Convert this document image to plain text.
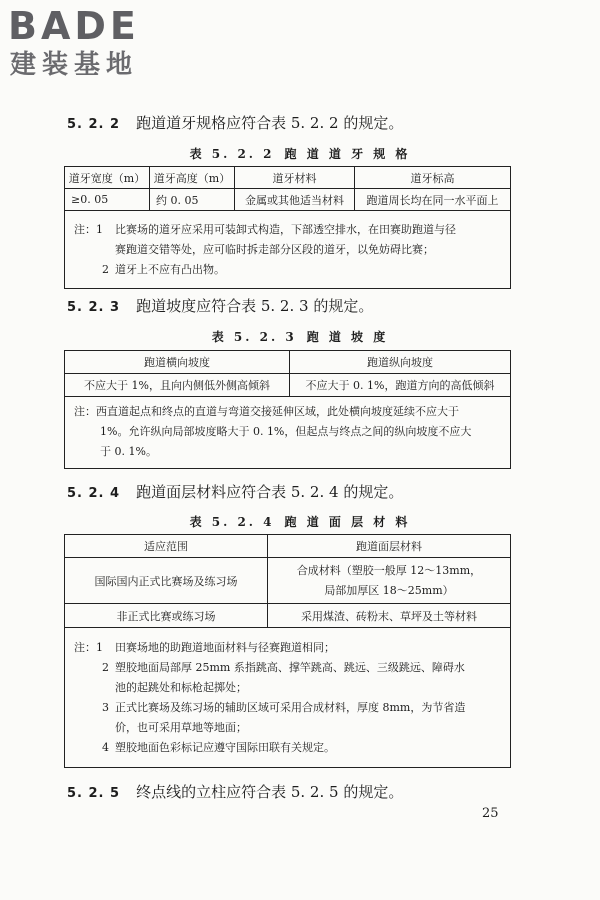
BADE
建装基地
5. 2. 2 跑道道牙规格应符合表 5. 2. 2 的规定。
表 5. 2. 2 跑 道 道 牙 规 格
道牙宽度（m）	道牙高度（m）	道牙材料	道牙标高
≥0. 05	约 0. 05	金属或其他适当材料	跑道周长均在同一水平面上

注：1 比赛场的道牙应采用可装卸式构造，下部透空排水，在田赛助跑道与径
赛跑道交错等处，应可临时拆走部分区段的道牙，以免妨碍比赛；

2 道牙上不应有凸出物。

5. 2. 3 跑道坡度应符合表 5. 2. 3 的规定。
表 5. 2. 3 跑 道 坡 度
跑道横向坡度	跑道纵向坡度
不应大于 1%，且向内侧低外侧高倾斜	不应大于 0. 1%，跑道方向的高低倾斜

注：西直道起点和终点的直道与弯道交接延伸区域，此处横向坡度延续不应大于
1%。允许纵向局部坡度略大于 0. 1%，但起点与终点之间的纵向坡度不应大
于 0. 1%。
5. 2. 4 跑道面层材料应符合表 5. 2. 4 的规定。
表 5. 2. 4 跑 道 面 层 材 料
适应范围	跑道面层材料
国际国内正式比赛场及练习场	合成材料（塑胶一般厚 12～13mm，
局部加厚区 18～25mm）

非正式比赛或练习场	采用煤渣、砖粉末、草坪及土等材料

注：1 田赛场地的助跑道地面材料与径赛跑道相同；
2 塑胶地面局部厚 25mm 系指跳高、撑竿跳高、跳远、三级跳远、障碍水

池的起跳处和标枪起掷处；

3 正式比赛场及练习场的辅助区域可采用合成材料，厚度 8mm，为节省造

价，也可采用草地等地面；

4 塑胶地面色彩标记应遵守国际田联有关规定。

5. 2. 5 终点线的立柱应符合表 5. 2. 5 的规定。
25
